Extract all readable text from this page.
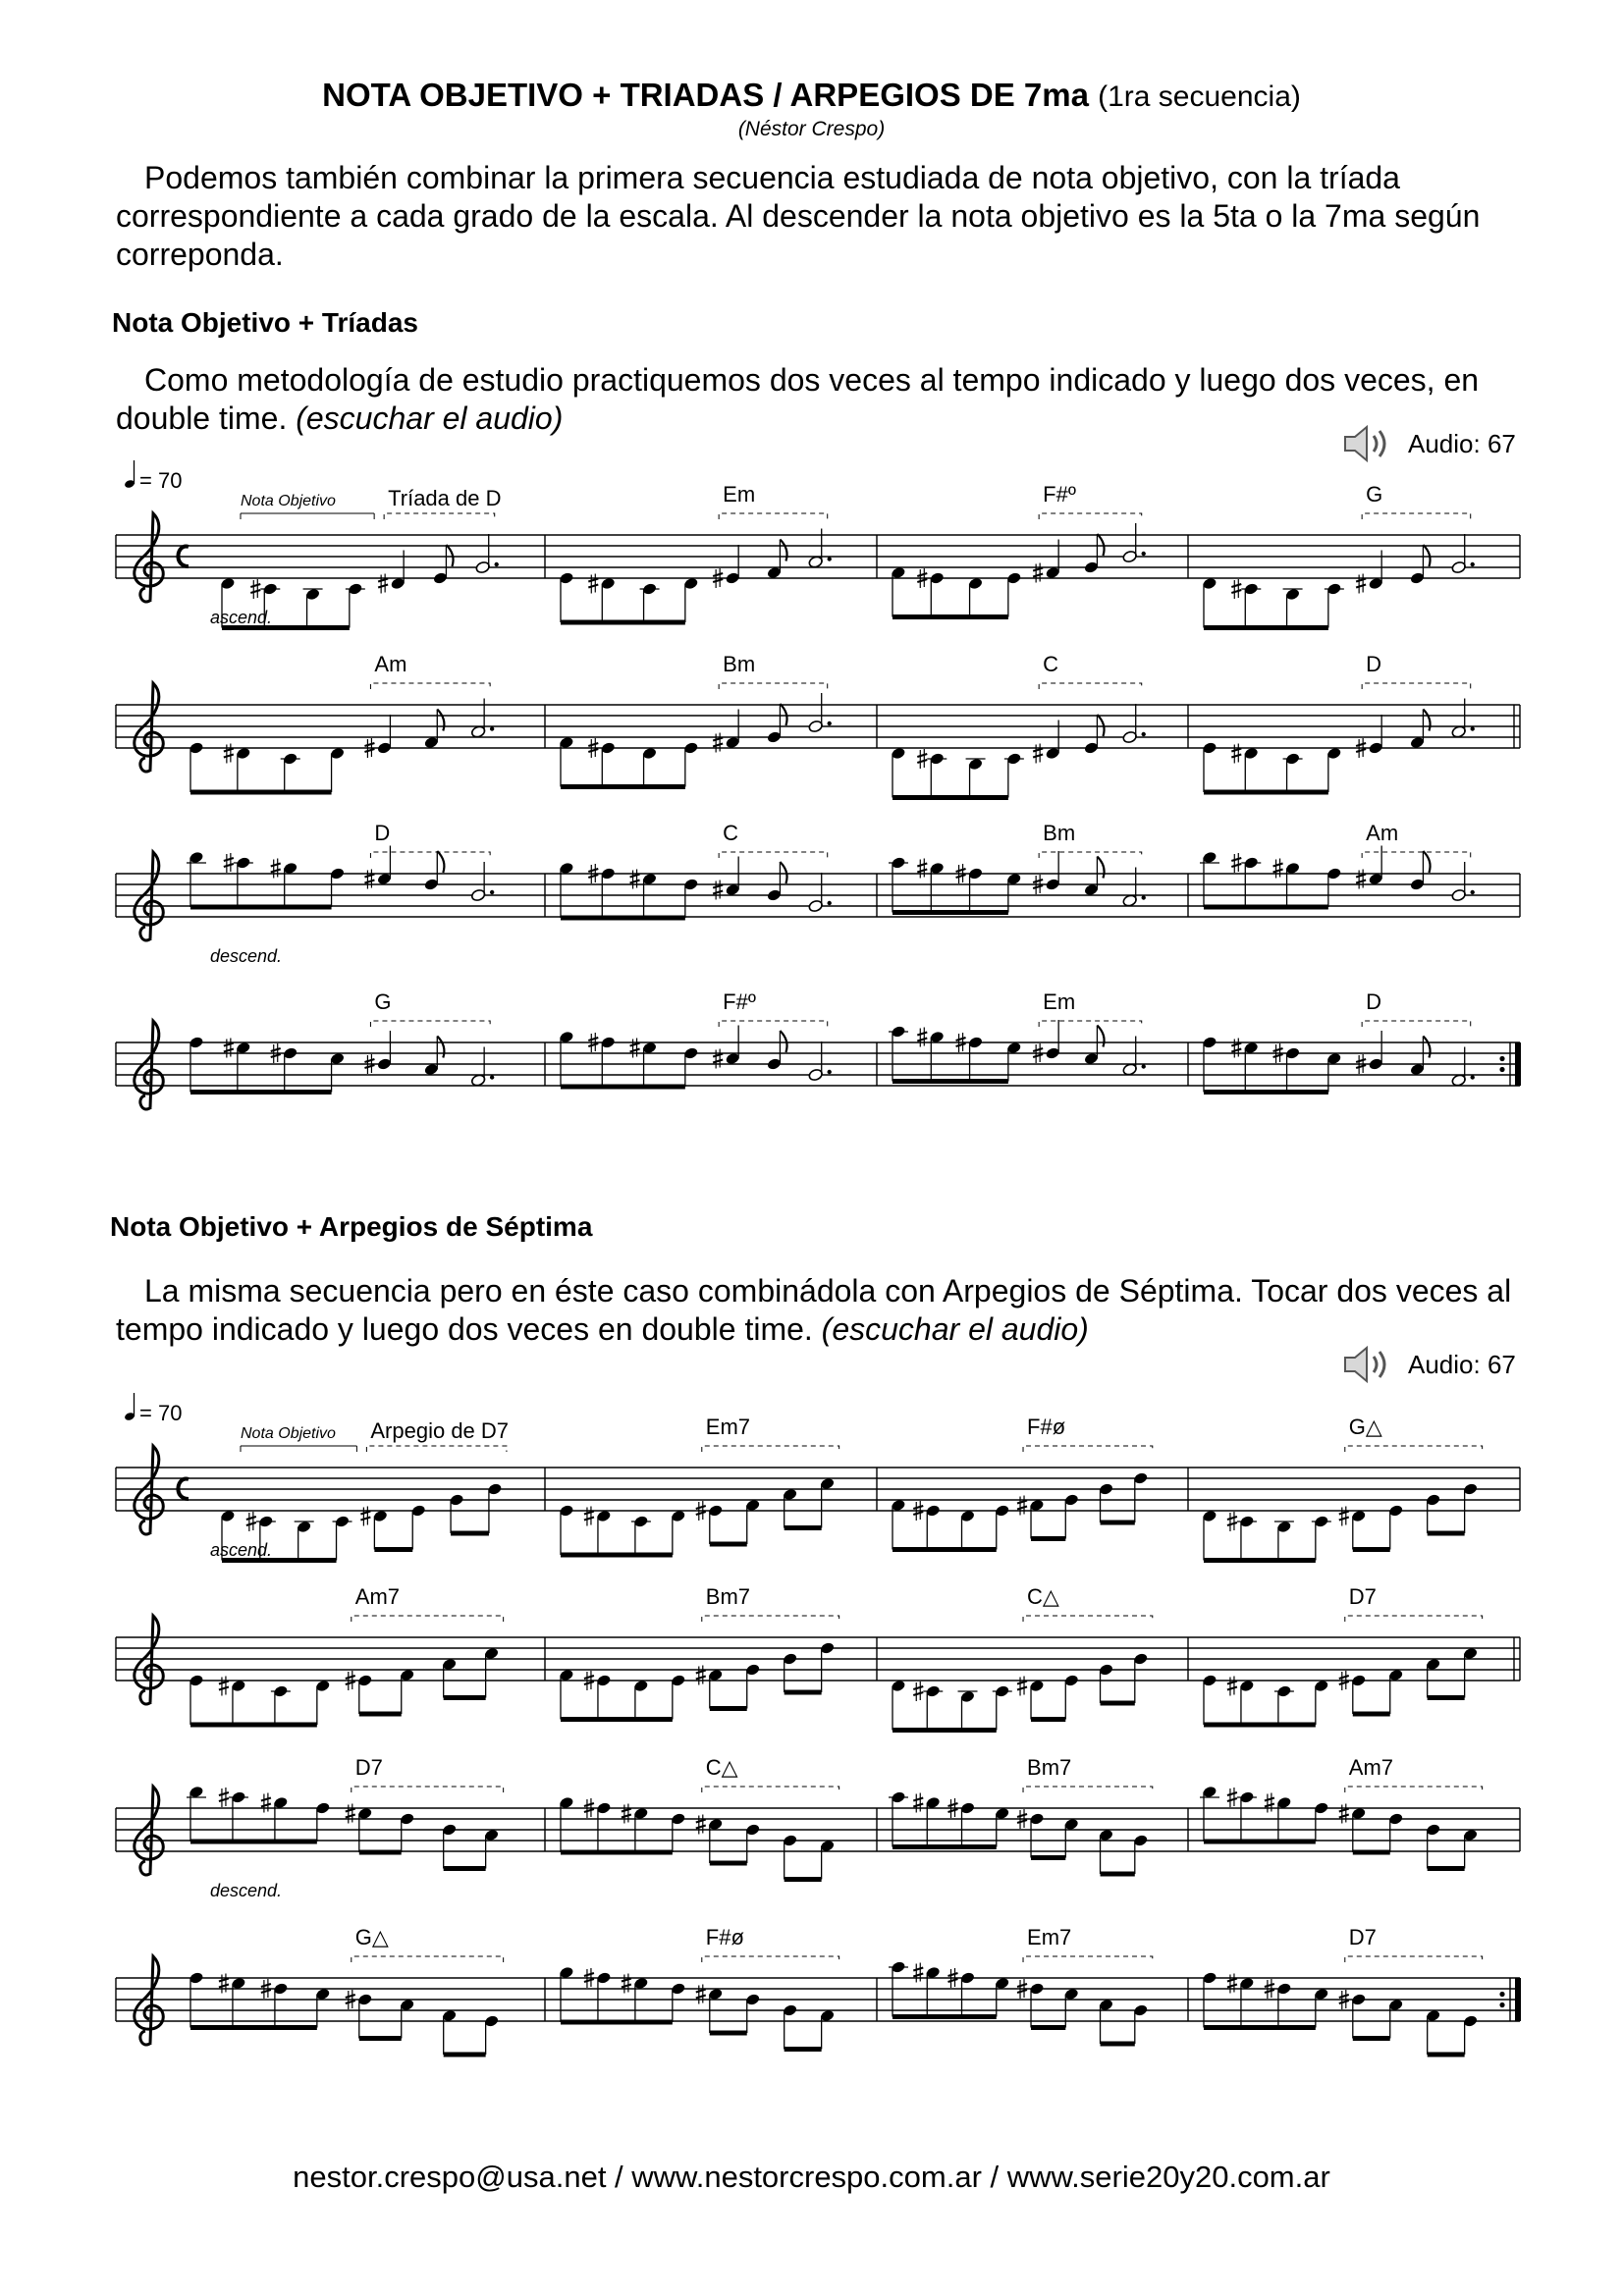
NOTA OBJETIVO + TRIADAS / ARPEGIOS DE 7ma (1ra secuencia)
(Néstor Crespo)
Podemos también combinar la primera secuencia estudiada de nota objetivo, con la tríada correspondiente a cada grado de la escala. Al descender la nota objetivo es la 5ta o la 7ma según correponda.
Nota Objetivo + Tríadas
Como metodología de estudio practiquemos dos veces al tempo indicado y luego dos veces, en double time. (escuchar el audio)
Audio: 67
Nota Objetivo + Arpegios de Séptima
La misma secuencia pero en éste caso combinádola con Arpegios de Séptima. Tocar dos veces al tempo indicado y luego dos veces en double time. (escuchar el audio)
Audio: 67
= 70
Tríada de D
Nota Objetivo	Em	F#º	G
ascend.
Am	Bm	C	D
D	C	Bm	Am
descend.
G	F#º	Em	D
= 70
Arpegio de D7
Nota Objetivo	Em7	F#ø	G△
ascend.
Am7	Bm7	C△	D7
D7	C△	Bm7	Am7
descend.
G△	F#ø	Em7	D7
nestor.crespo@usa.net / www.nestorcrespo.com.ar / www.serie20y20.com.ar
